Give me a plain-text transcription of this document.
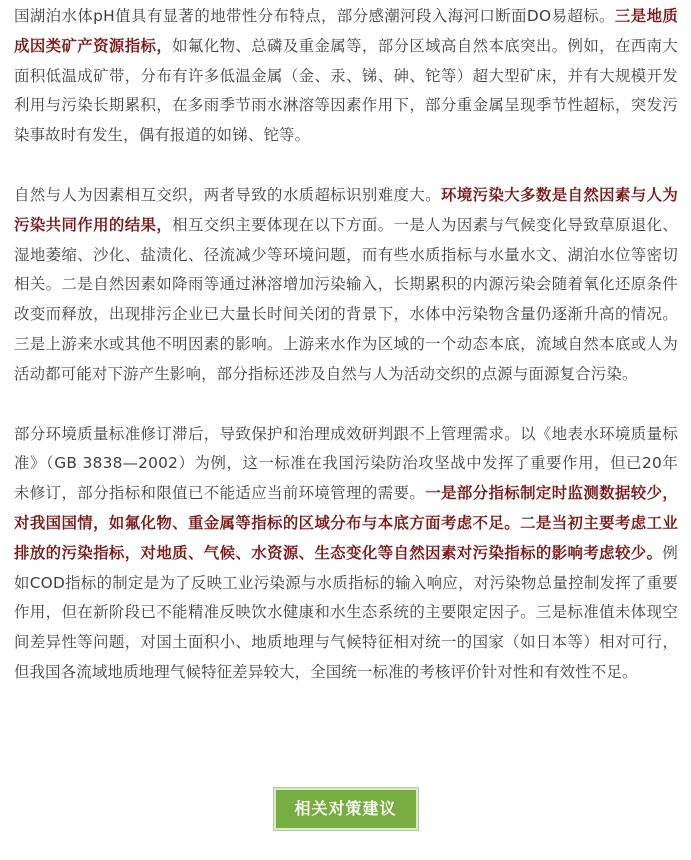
国湖泊水体pH值具有显著的地带性分布特点，部分感潮河段入海河口断面DO易超标。三是地质成因类矿产资源指标，如氟化物、总磷及重金属等，部分区域高自然本底突出。例如，在西南大面积低温成矿带，分布有许多低温金属（金、汞、锑、砷、铊等）超大型矿床，并有大规模开发利用与污染长期累积，在多雨季节雨水淋溶等因素作用下，部分重金属呈现季节性超标，突发污染事故时有发生，偶有报道的如锑、铊等。

自然与人为因素相互交织，两者导致的水质超标识别难度大。环境污染大多数是自然因素与人为污染共同作用的结果，相互交织主要体现在以下方面。一是人为因素与气候变化导致草原退化、湿地萎缩、沙化、盐渍化、径流减少等环境问题，而有些水质指标与水量水文、湖泊水位等密切相关。二是自然因素如降雨等通过淋溶增加污染输入，长期累积的内源污染会随着氧化还原条件改变而释放，出现排污企业已大量长时间关闭的背景下，水体中污染物含量仍逐渐升高的情况。三是上游来水或其他不明因素的影响。上游来水作为区域的一个动态本底，流域自然本底或人为活动都可能对下游产生影响，部分指标还涉及自然与人为活动交织的点源与面源复合污染。

部分环境质量标准修订滞后，导致保护和治理成效研判跟不上管理需求。以《地表水环境质量标准》（GB 3838—2002）为例，这一标准在我国污染防治攻坚战中发挥了重要作用，但已20年未修订，部分指标和限值已不能适应当前环境管理的需要。一是部分指标制定时监测数据较少，对我国国情，如氟化物、重金属等指标的区域分布与本底方面考虑不足。二是当初主要考虑工业排放的污染指标，对地质、气候、水资源、生态变化等自然因素对污染指标的影响考虑较少。例如COD指标的制定是为了反映工业污染源与水质指标的输入响应，对污染物总量控制发挥了重要作用，但在新阶段已不能精准反映饮水健康和水生态系统的主要限定因子。三是标准值未体现空间差异性等问题，对国土面积小、地质地理与气候特征相对统一的国家（如日本等）相对可行，但我国各流域地质地理气候特征差异较大，全国统一标准的考核评价针对性和有效性不足。

相关对策建议
